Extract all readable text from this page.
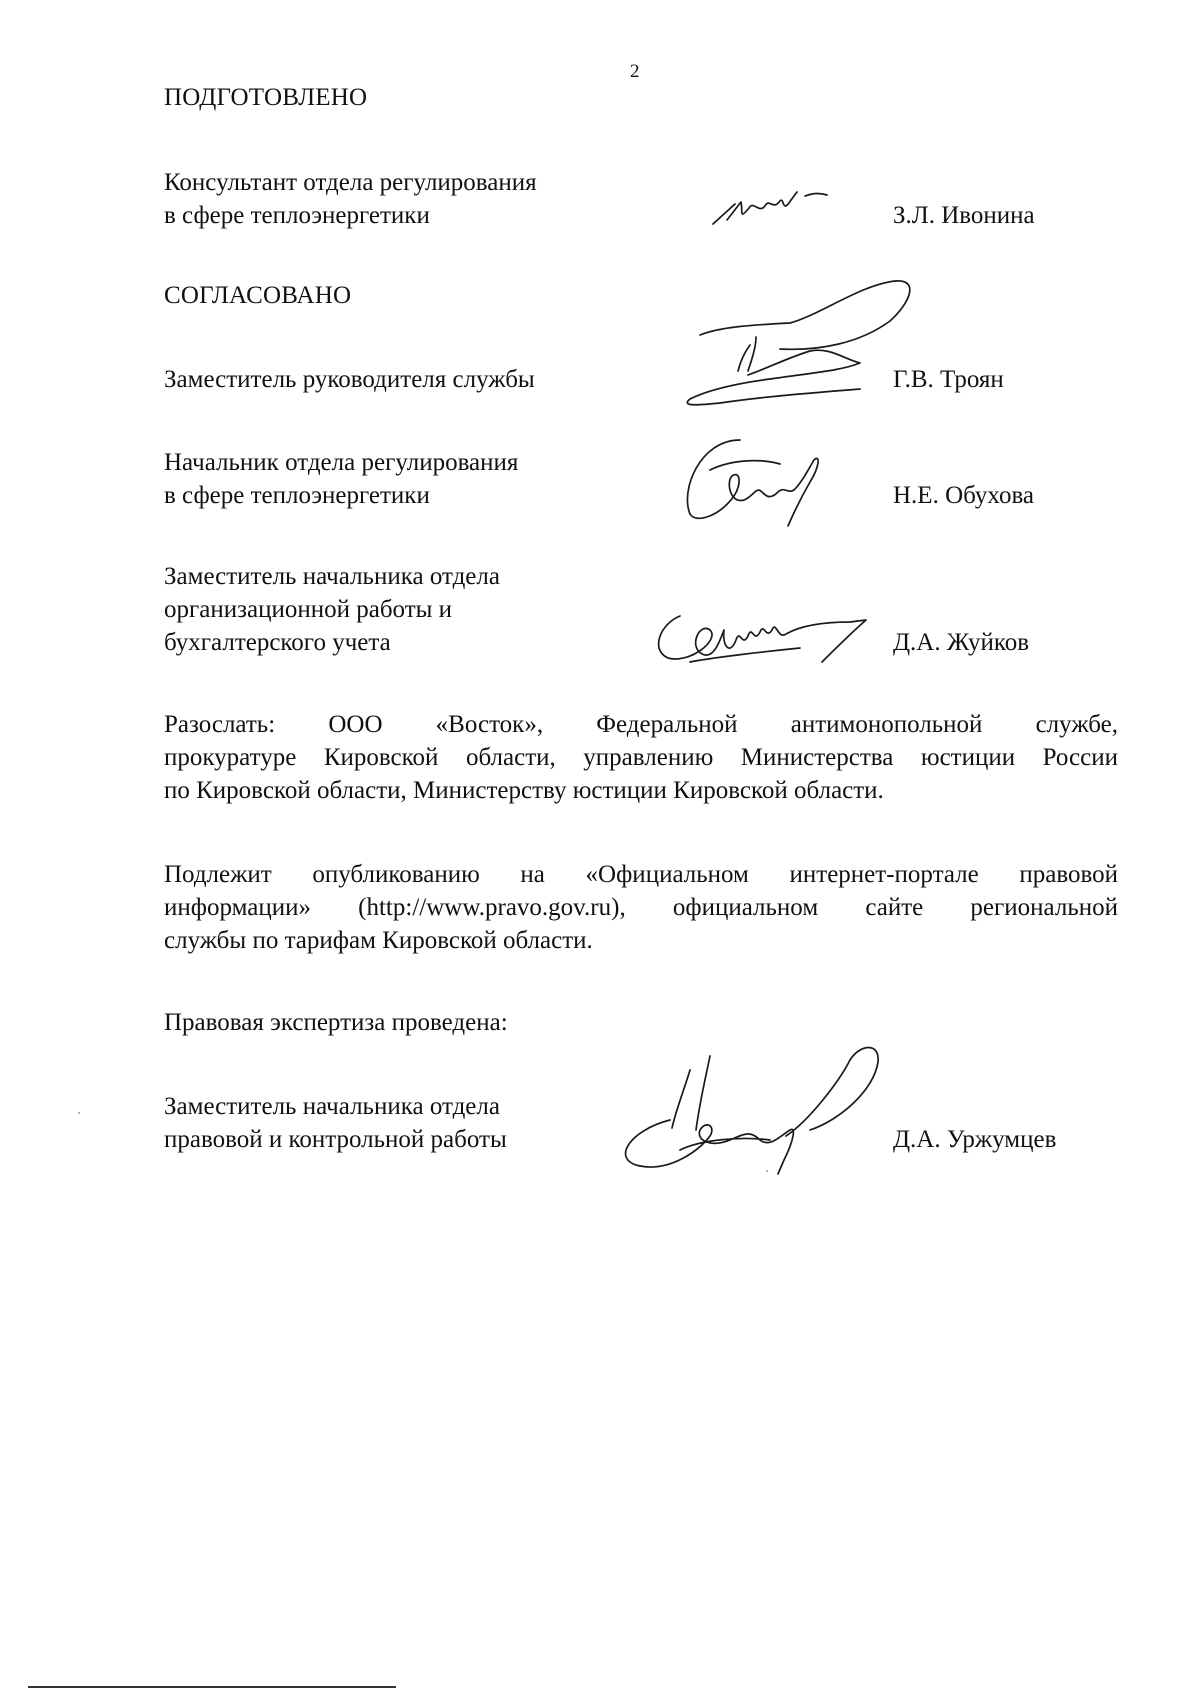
2
ПОДГОТОВЛЕНО
Консультант отдела регулирования
в сфере теплоэнергетики	З.Л. Ивонина
СОГЛАСОВАНО
Заместитель руководителя службы	Г.В. Троян
Начальник отдела регулирования
в сфере теплоэнергетики	Н.Е. Обухова
Заместитель начальника отдела
организационной работы и
бухгалтерского учета	Д.А. Жуйков
Разослать: ООО «Восток», Федеральной антимонопольной службе,
прокуратуре Кировской области, управлению Министерства юстиции России
по Кировской области, Министерству юстиции Кировской области.
Подлежит опубликованию на «Официальном интернет-портале правовой
информации» (http://www.pravo.gov.ru), официальном сайте региональной
службы по тарифам Кировской области.
Правовая экспертиза проведена:
Заместитель начальника отдела
правовой и контрольной работы	Д.А. Уржумцев
